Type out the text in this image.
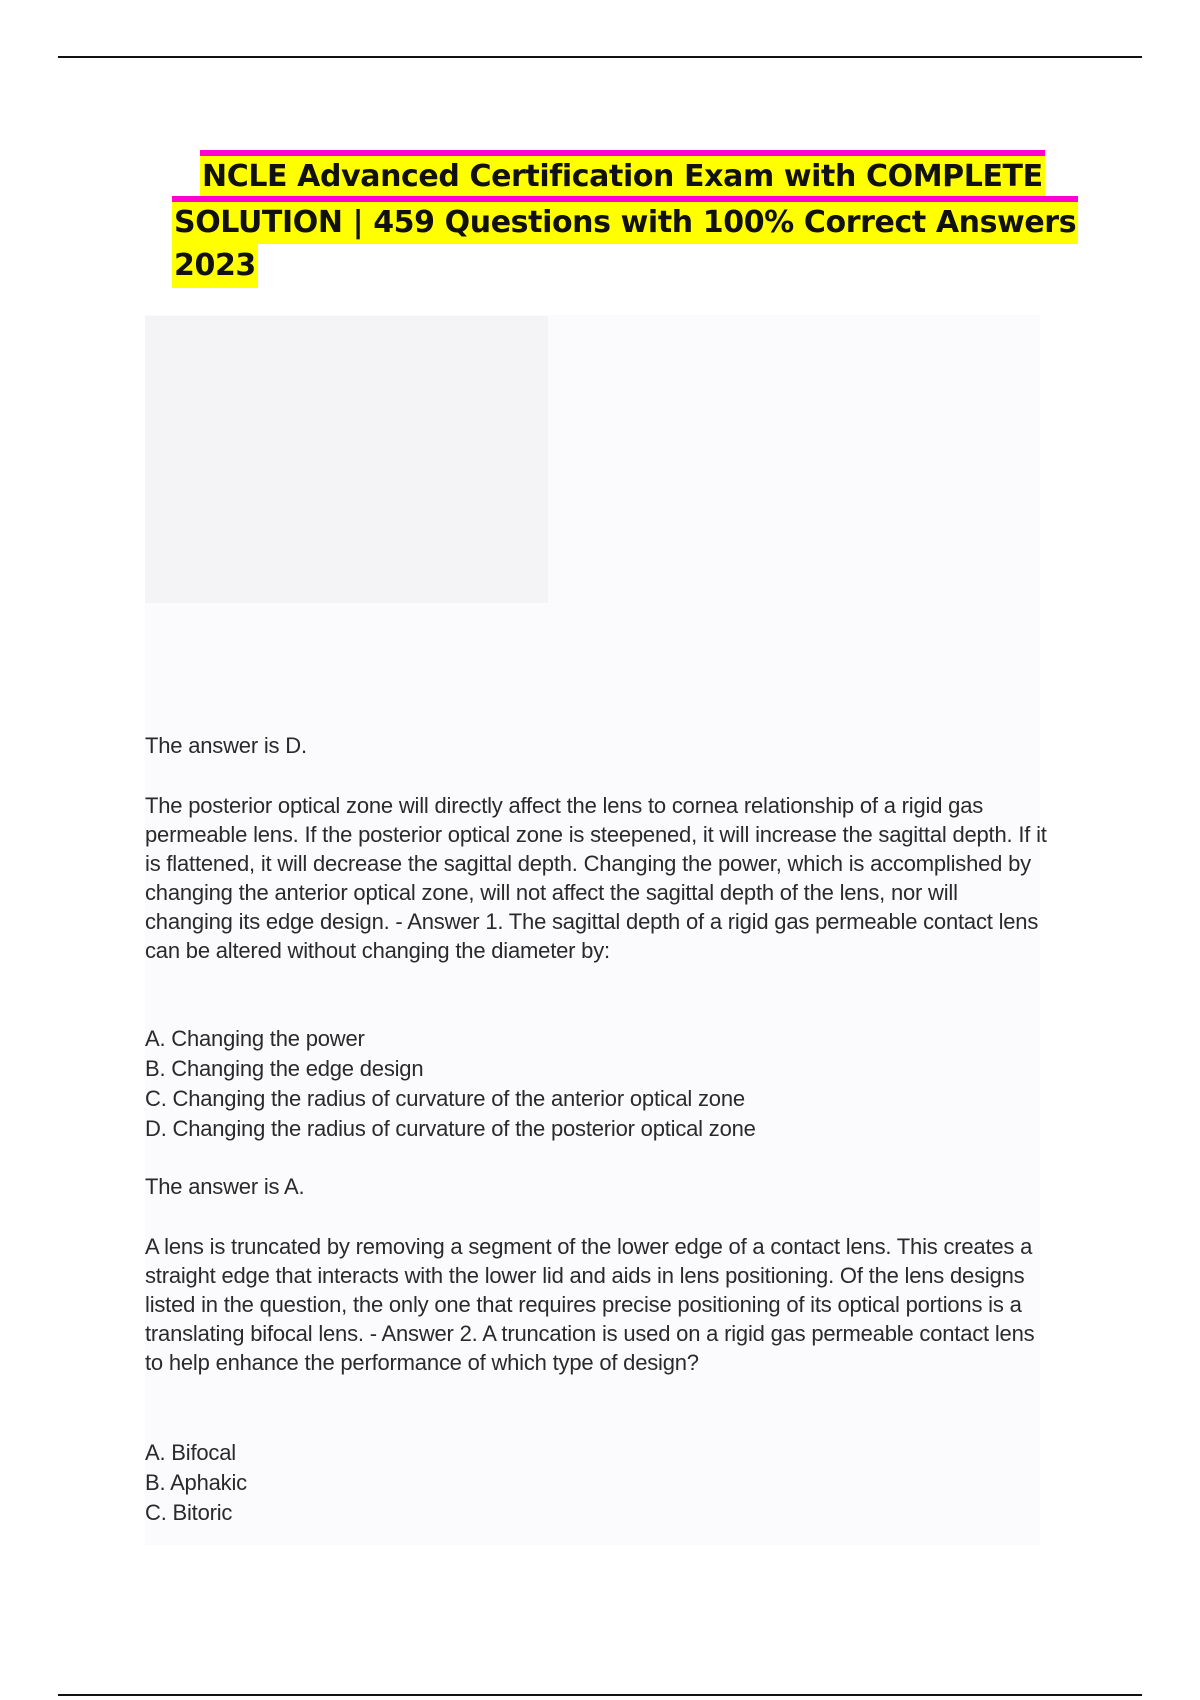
NCLE Advanced Certification Exam with COMPLETE
SOLUTION | 459 Questions with 100% Correct Answers
2023
The answer is D.
The posterior optical zone will directly affect the lens to cornea relationship of a rigid gas permeable lens. If the posterior optical zone is steepened, it will increase the sagittal depth. If it is flattened, it will decrease the sagittal depth. Changing the power, which is accomplished by changing the anterior optical zone, will not affect the sagittal depth of the lens, nor will changing its edge design. - Answer 1. The sagittal depth of a rigid gas permeable contact lens can be altered without changing the diameter by:
A. Changing the power
B. Changing the edge design
C. Changing the radius of curvature of the anterior optical zone
D. Changing the radius of curvature of the posterior optical zone
The answer is A.
A lens is truncated by removing a segment of the lower edge of a contact lens. This creates a straight edge that interacts with the lower lid and aids in lens positioning. Of the lens designs listed in the question, the only one that requires precise positioning of its optical portions is a translating bifocal lens. - Answer 2. A truncation is used on a rigid gas permeable contact lens to help enhance the performance of which type of design?
A. Bifocal
B. Aphakic
C. Bitoric
